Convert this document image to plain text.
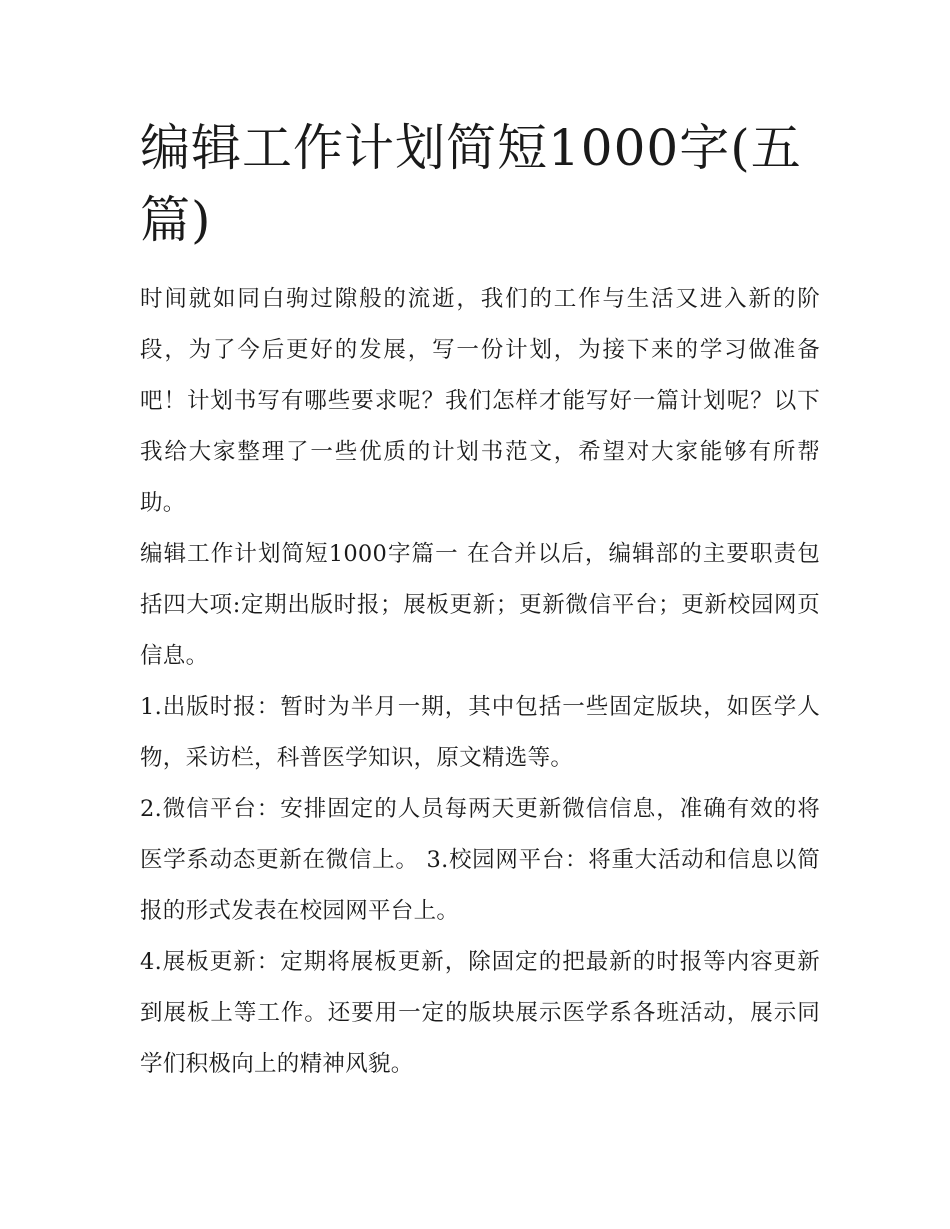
编辑工作计划简短1000字(五篇)

时间就如同白驹过隙般的流逝，我们的工作与生活又进入新的阶段，为了今后更好的发展，写一份计划，为接下来的学习做准备吧！计划书写有哪些要求呢？我们怎样才能写好一篇计划呢？以下我给大家整理了一些优质的计划书范文，希望对大家能够有所帮助。

编辑工作计划简短1000字篇一 在合并以后，编辑部的主要职责包括四大项:定期出版时报；展板更新；更新微信平台；更新校园网页信息。

1.出版时报：暂时为半月一期，其中包括一些固定版块，如医学人物，采访栏，科普医学知识，原文精选等。

2.微信平台：安排固定的人员每两天更新微信信息，准确有效的将医学系动态更新在微信上。 3.校园网平台：将重大活动和信息以简报的形式发表在校园网平台上。

4.展板更新：定期将展板更新，除固定的把最新的时报等内容更新到展板上等工作。还要用一定的版块展示医学系各班活动，展示同学们积极向上的精神风貌。
